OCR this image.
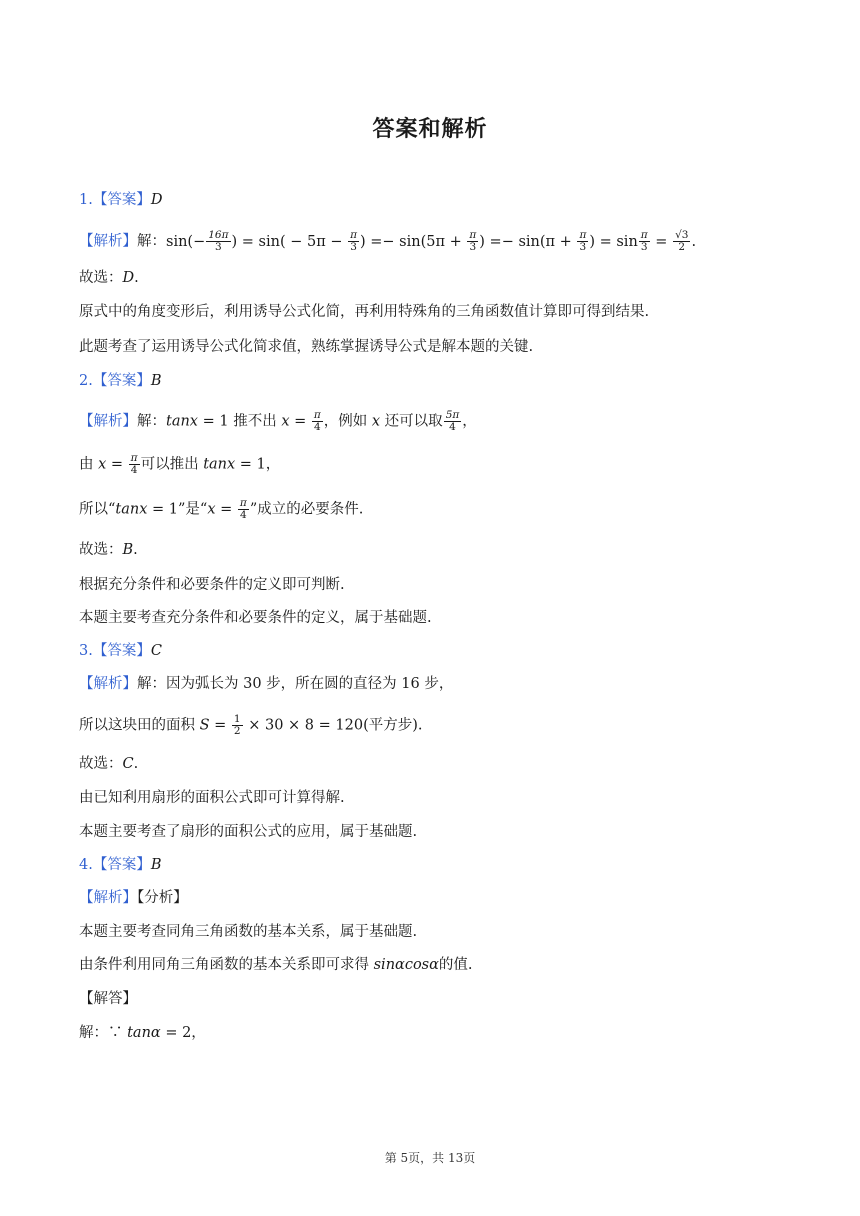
答案和解析
1.【答案】D
【解析】解：$\sin(- \frac{16\pi}{3}$ ) = $\sin( - 5\pi - \frac{\pi}{3}$ ) =− $\sin(5\pi + \frac{\pi}{3}$ ) =− $\sin(\pi + \frac{\pi}{3}$ ) = $\sin \frac{\pi}{3} = \frac{√3}{2}$ .
故选：D.
原式中的角度变形后，利用诱导公式化简，再利用特殊角的三角函数值计算即可得到结果.
此题考查了运用诱导公式化简求值，熟练掌握诱导公式是解本题的关键.
2.【答案】B
【解析】解：tanx = 1 推不出 $x = \frac{\pi}{4}$ ，例如 x 还可以取 $\frac{5\pi}{4}$ ，
由 $x = \frac{\pi}{4}$ 可以推出 tanx = 1，
所以“tanx = 1”是“$x = \frac{\pi}{4}$ ”成立的必要条件.
故选：B.
根据充分条件和必要条件的定义即可判断.
本题主要考查充分条件和必要条件的定义，属于基础题.
3.【答案】C
【解析】解：因为弧长为 30 步，所在圆的直径为 16 步，
所以这块田的面积 $S = \frac{1}{2} \times 30 \times 8 = 120$(平方步).
故选：C.
由已知利用扇形的面积公式即可计算得解.
本题主要考查了扇形的面积公式的应用，属于基础题.
4.【答案】B
【解析】【分析】
本题主要考查同角三角函数的基本关系，属于基础题.
由条件利用同角三角函数的基本关系即可求得 sinαcosα的值.
【解答】
解：∵ tanα = 2，
第 5页，共 13页
